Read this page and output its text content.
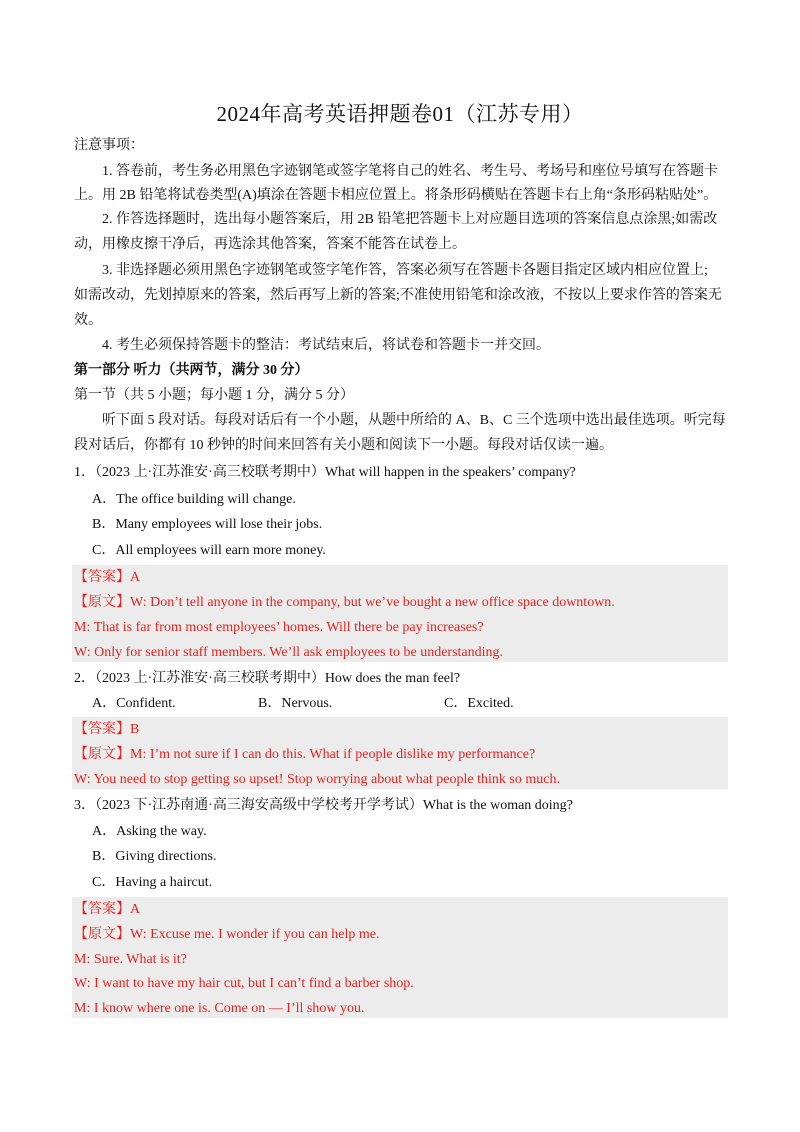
2024年高考英语押题卷01（江苏专用）
注意事项：
1. 答卷前，考生务必用黑色字迹钢笔或签字笔将自己的姓名、考生号、考场号和座位号填写在答题卡
上。用 2B 铅笔将试卷类型(A)填涂在答题卡相应位置上。将条形码横贴在答题卡右上角“条形码粘贴处”。
2. 作答选择题时，选出每小题答案后，用 2B 铅笔把答题卡上对应题目选项的答案信息点涂黑;如需改
动，用橡皮擦干净后，再选涂其他答案，答案不能答在试卷上。
3. 非选择题必须用黑色字迹钢笔或签字笔作答，答案必须写在答题卡各题目指定区域内相应位置上;
如需改动，先划掉原来的答案，然后再写上新的答案;不准使用铅笔和涂改液，不按以上要求作答的答案无
效。
4. 考生必须保持答题卡的整洁：考试结束后，将试卷和答题卡一并交回。
第一部分 听力（共两节，满分 30 分）
第一节（共 5 小题；每小题 1 分，满分 5 分）
听下面 5 段对话。每段对话后有一个小题，从题中所给的 A、B、C 三个选项中选出最佳选项。听完每
段对话后，你都有 10 秒钟的时间来回答有关小题和阅读下一小题。每段对话仅读一遍。
1．（2023 上·江苏淮安·高三校联考期中）What will happen in the speakers’ company?
A．The office building will change.
B．Many employees will lose their jobs.
C．All employees will earn more money.
【答案】A
【原文】W: Don’t tell anyone in the company, but we’ve bought a new office space downtown.
M: That is far from most employees’ homes. Will there be pay increases?
W: Only for senior staff members. We’ll ask employees to be understanding.
2．（2023 上·江苏淮安·高三校联考期中）How does the man feel?
A．Confident.	B．Nervous.	C．Excited.
【答案】B
【原文】M: I’m not sure if I can do this. What if people dislike my performance?
W: You need to stop getting so upset! Stop worrying about what people think so much.
3．（2023 下·江苏南通·高三海安高级中学校考开学考试）What is the woman doing?
A．Asking the way.
B．Giving directions.
C．Having a haircut.
【答案】A
【原文】W: Excuse me. I wonder if you can help me.
M: Sure. What is it?
W: I want to have my hair cut, but I can’t find a barber shop.
M: I know where one is. Come on — I’ll show you.
